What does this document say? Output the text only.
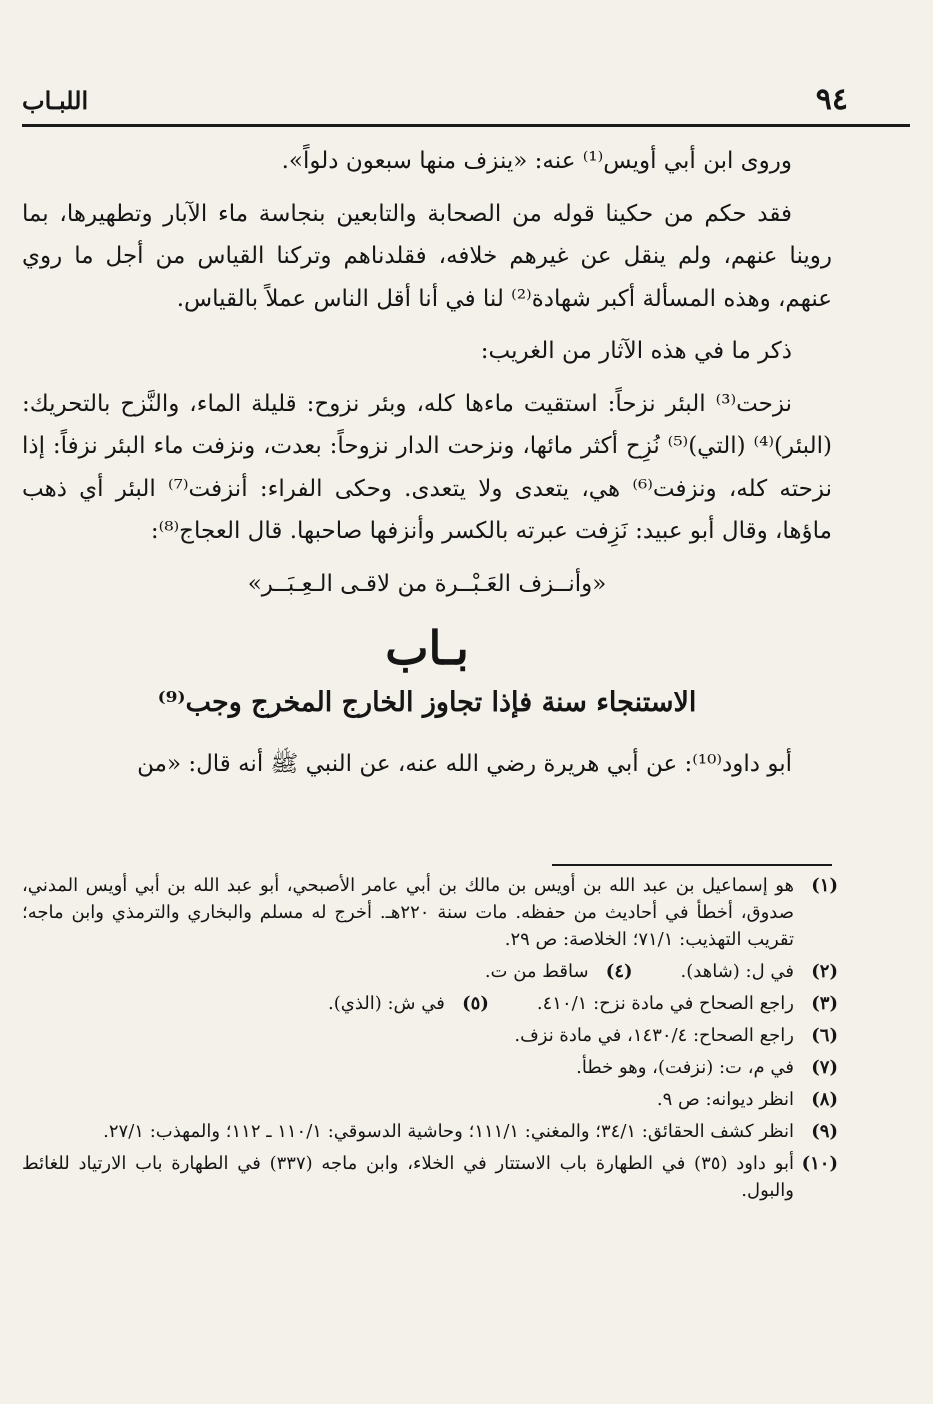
٩٤
اللبـاب

وروى ابن أبي أويس⁽¹⁾ عنه: «ينزف منها سبعون دلواً».

فقد حكم من حكينا قوله من الصحابة والتابعين بنجاسة ماء الآبار وتطهيرها، بما روينا عنهم، ولم ينقل عن غيرهم خلافه، فقلدناهم وتركنا القياس من أجل ما روي عنهم، وهذه المسألة أكبر شهادة⁽²⁾ لنا في أنا أقل الناس عملاً بالقياس.

ذكر ما في هذه الآثار من الغريب:

نزحت⁽³⁾ البئر نزحاً: استقيت ماءها كله، وبئر نزوح: قليلة الماء، والنَّزح بالتحريك: (البئر)⁽⁴⁾ (التي)⁽⁵⁾ نُزِح أكثر مائها، ونزحت الدار نزوحاً: بعدت، ونزفت ماء البئر نزفاً: إذا نزحته كله، ونزفت⁽⁶⁾ هي، يتعدى ولا يتعدى. وحكى الفراء: أنزفت⁽⁷⁾ البئر أي ذهب ماؤها، وقال أبو عبيد: نَزِفت عبرته بالكسر وأنزفها صاحبها. قال العجاج⁽⁸⁾:

«وأنــزف العَـبْــرة من لاقـى الـعِـبَــر»

بـاب

الاستنجاء سنة فإذا تجاوز الخارج المخرج وجب⁽⁹⁾

أبو داود⁽¹⁰⁾: عن أبي هريرة رضي الله عنه، عن النبي ﷺ أنه قال: «من

(١)
هو إسماعيل بن عبد الله بن أويس بن مالك بن أبي عامر الأصبحي، أبو عبد الله بن أبي أويس المدني، صدوق، أخطأ في أحاديث من حفظه. مات سنة ٢٢٠هـ. أخرج له مسلم والبخاري والترمذي وابن ماجه؛ تقريب التهذيب: ٧١/١؛ الخلاصة: ص ٢٩.
(٢)
في ل: (شاهد).
(٤)
ساقط من ت.
(٣)
راجع الصحاح في مادة نزح: ٤١٠/١.
(٥)
في ش: (الذي).
(٦)
راجع الصحاح: ١٤٣٠/٤، في مادة نزف.
(٧)
في م، ت: (نزفت)، وهو خطأ.
(٨)
انظر ديوانه: ص ٩.
(٩)
انظر كشف الحقائق: ٣٤/١؛ والمغني: ١١١/١؛ وحاشية الدسوقي: ١١٠/١ ـ ١١٢؛ والمهذب: ٢٧/١.
(١٠)
أبو داود (٣٥) في الطهارة باب الاستتار في الخلاء، وابن ماجه (٣٣٧) في الطهارة باب الارتياد للغائط والبول.
